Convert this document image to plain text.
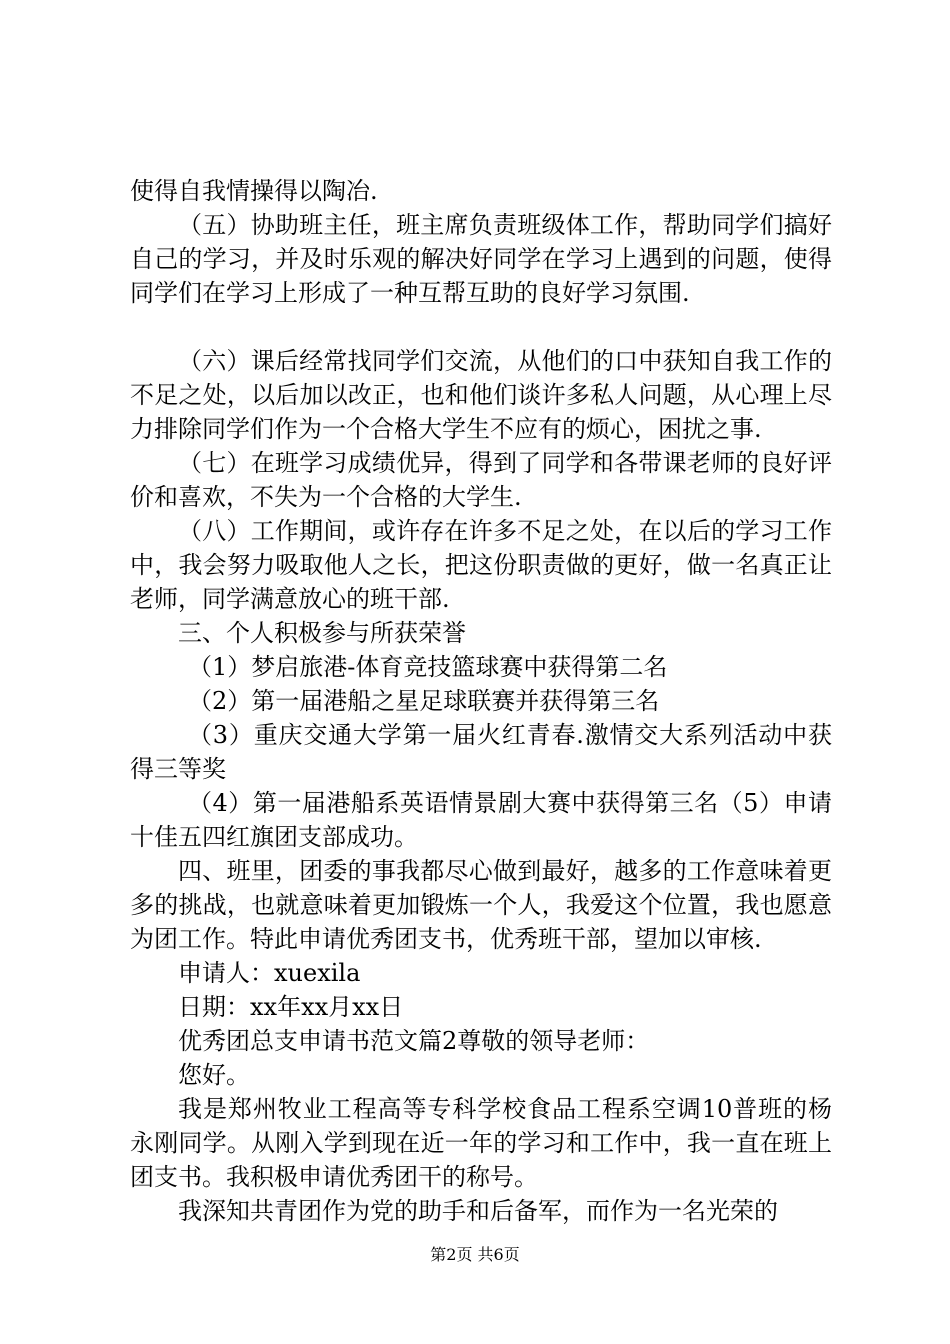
使得自我情操得以陶冶.

（五）协助班主任，班主席负责班级体工作，帮助同学们搞好自己的学习，并及时乐观的解决好同学在学习上遇到的问题，使得同学们在学习上形成了一种互帮互助的良好学习氛围.

（六）课后经常找同学们交流，从他们的口中获知自我工作的不足之处，以后加以改正，也和他们谈许多私人问题，从心理上尽力排除同学们作为一个合格大学生不应有的烦心，困扰之事.

（七）在班学习成绩优异，得到了同学和各带课老师的良好评价和喜欢，不失为一个合格的大学生.

（八）工作期间，或许存在许多不足之处，在以后的学习工作中，我会努力吸取他人之长，把这份职责做的更好，做一名真正让老师，同学满意放心的班干部.

三、个人积极参与所获荣誉

（1）梦启旅港-体育竞技篮球赛中获得第二名

（2）第一届港船之星足球联赛并获得第三名

（3）重庆交通大学第一届火红青春.激情交大系列活动中获得三等奖

（4）第一届港船系英语情景剧大赛中获得第三名（5）申请十佳五四红旗团支部成功。

四、班里，团委的事我都尽心做到最好，越多的工作意味着更多的挑战，也就意味着更加锻炼一个人，我爱这个位置，我也愿意为团工作。特此申请优秀团支书，优秀班干部，望加以审核.

申请人：xuexila

日期：xx年xx月xx日

优秀团总支申请书范文篇2尊敬的领导老师：

您好。

我是郑州牧业工程高等专科学校食品工程系空调10普班的杨永刚同学。从刚入学到现在近一年的学习和工作中，我一直在班上团支书。我积极申请优秀团干的称号。

我深知共青团作为党的助手和后备军，而作为一名光荣的

第2页 共6页
